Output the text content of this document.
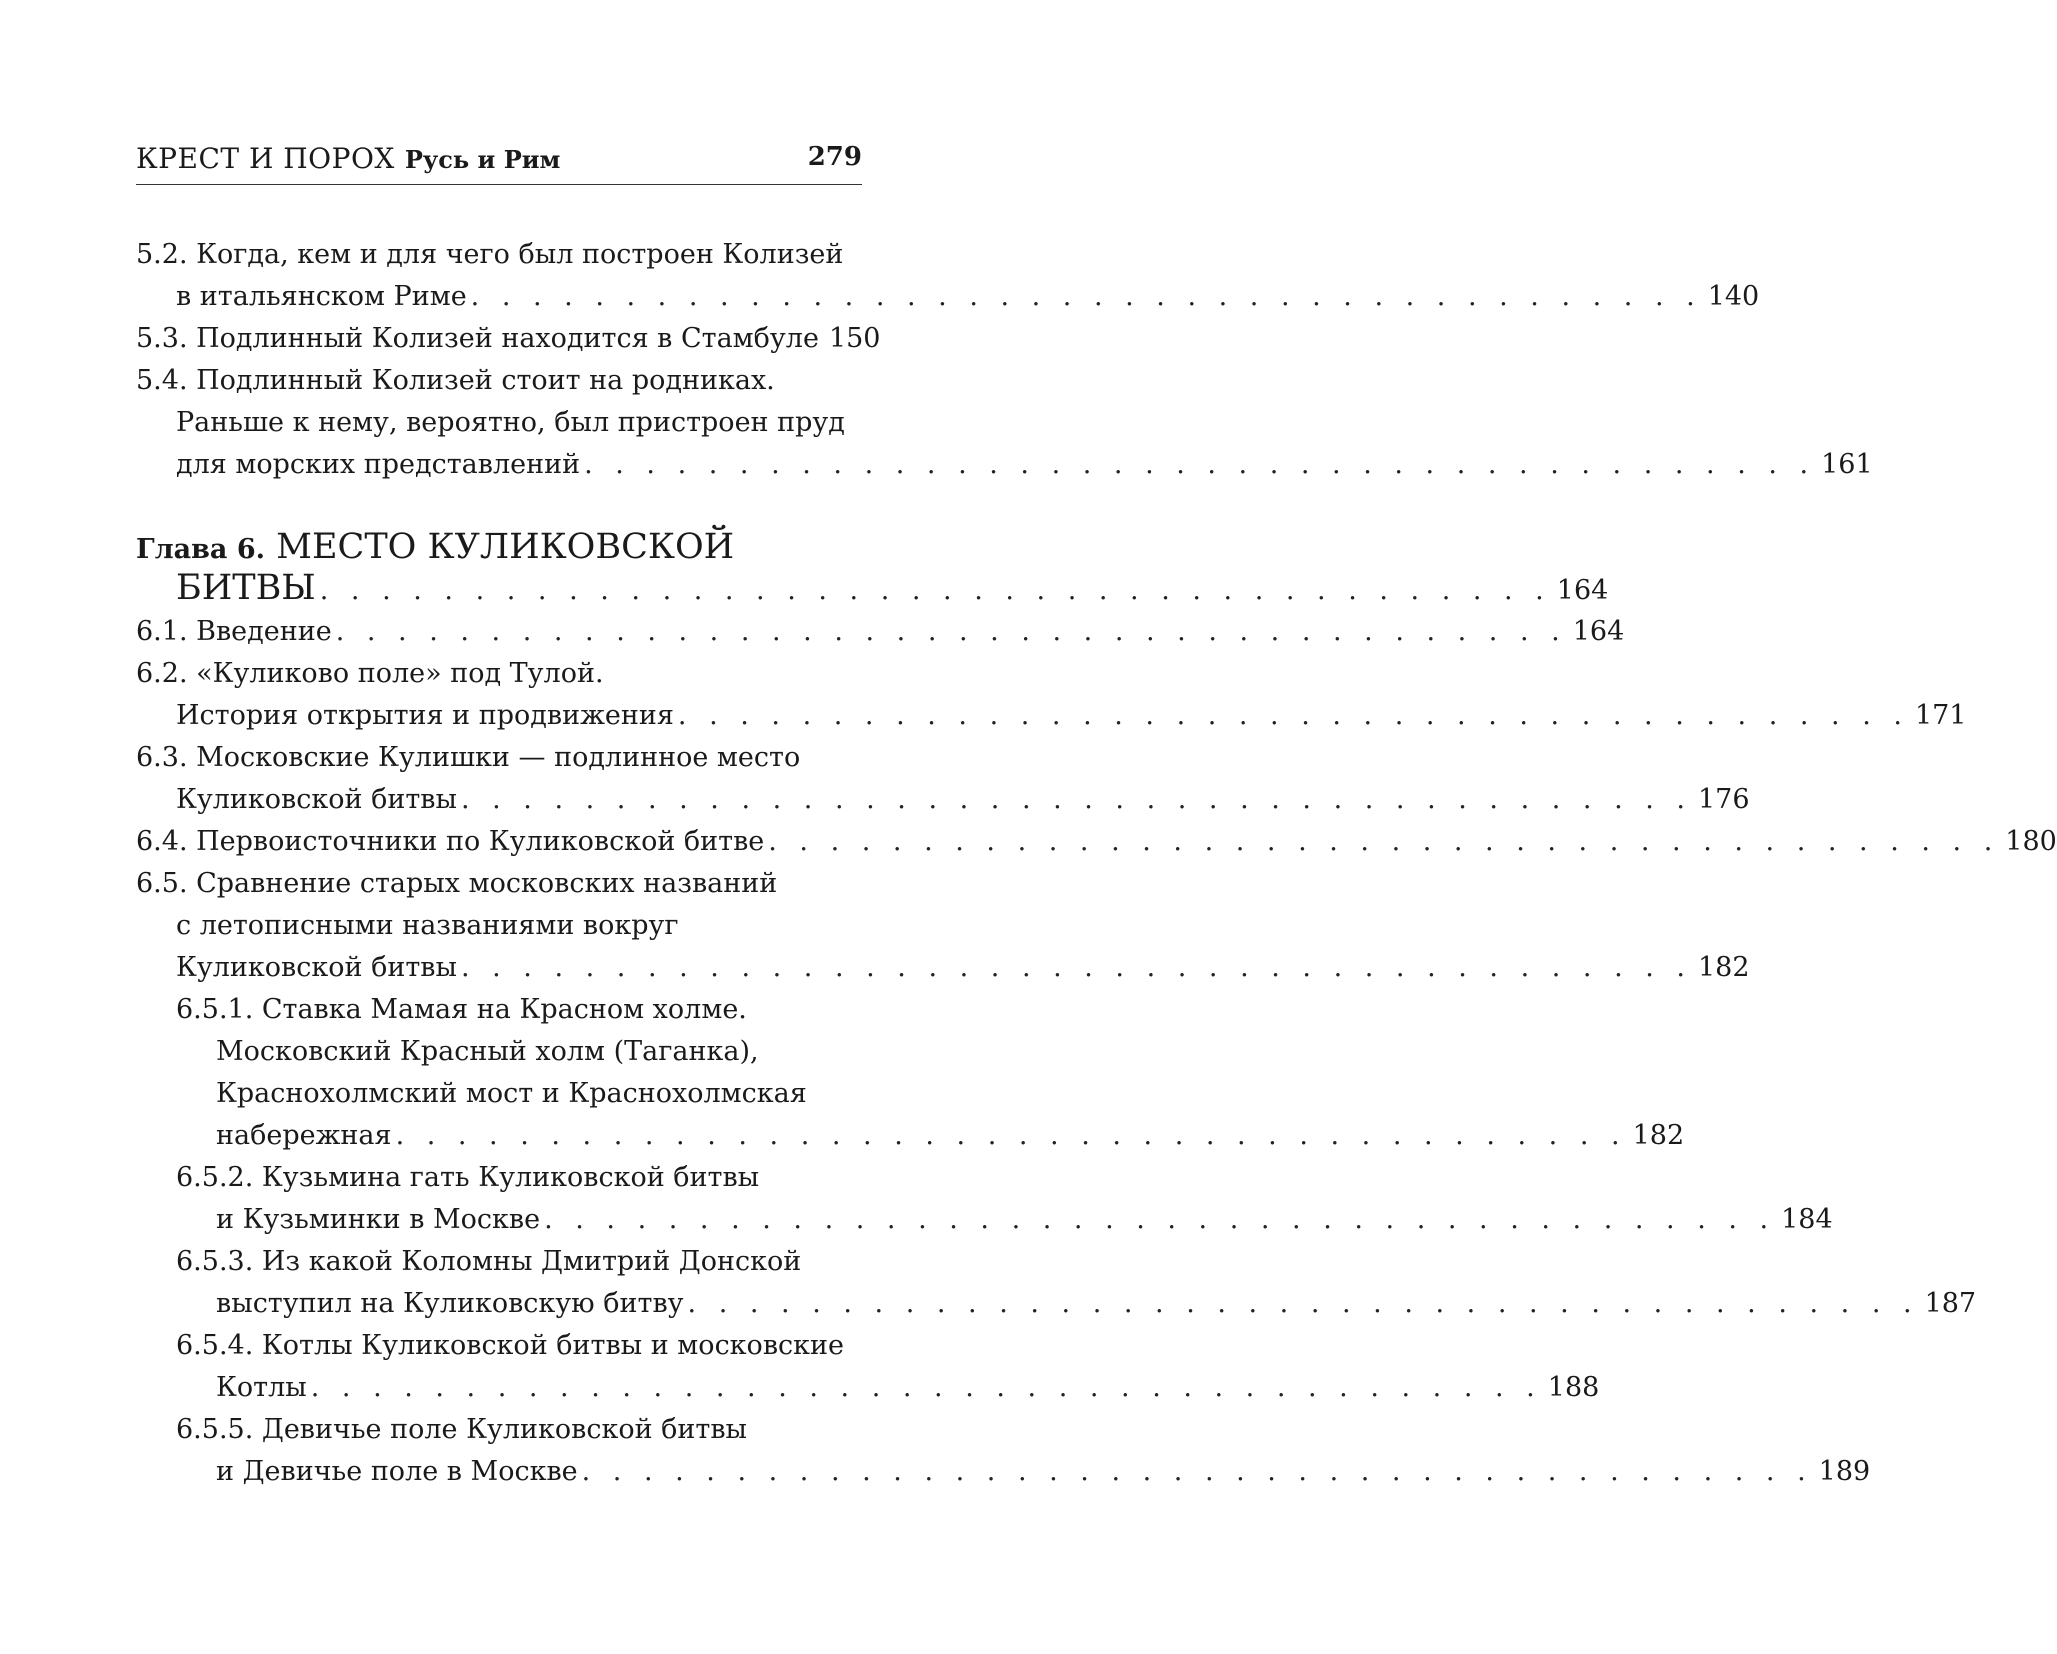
КРЕСТ И ПОРОХ Русь и Рим	279
5.2. Когда, кем и для чего был построен Колизей
в итальянском Риме . . . . . . . . . . . . . . . . . . . . . . . . . . . . . . . . . . . . . . . . 140
5.3. Подлинный Колизей находится в Стамбуле 150
5.4. Подлинный Колизей стоит на родниках.
Раньше к нему, вероятно, был пристроен пруд
для морских представлений . . . . . . . . . . . . . . . . . . . . . . . . . . . . . . . . . . . . . . . . 161
Глава 6. МЕСТО КУЛИКОВСКОЙ
БИТВЫ . . . . . . . . . . . . . . . . . . . . . . . . . . . . . . . . . . . . . . . . 164
6.1. Введение . . . . . . . . . . . . . . . . . . . . . . . . . . . . . . . . . . . . . . . . 164
6.2. «Куликово поле» под Тулой.
История открытия и продвижения . . . . . . . . . . . . . . . . . . . . . . . . . . . . . . . . . . . . . . . . 171
6.3. Московские Кулишки — подлинное место
Куликовской битвы . . . . . . . . . . . . . . . . . . . . . . . . . . . . . . . . . . . . . . . . 176
6.4. Первоисточники по Куликовской битве . . . . . . . . . . . . . . . . . . . . . . . . . . . . . . . . . . . . . . . . 180
6.5. Сравнение старых московских названий
с летописными названиями вокруг
Куликовской битвы . . . . . . . . . . . . . . . . . . . . . . . . . . . . . . . . . . . . . . . . 182
6.5.1. Ставка Мамая на Красном холме.
Московский Красный холм (Таганка),
Краснохолмский мост и Краснохолмская
набережная . . . . . . . . . . . . . . . . . . . . . . . . . . . . . . . . . . . . . . . . 182
6.5.2. Кузьмина гать Куликовской битвы
и Кузьминки в Москве . . . . . . . . . . . . . . . . . . . . . . . . . . . . . . . . . . . . . . . . 184
6.5.3. Из какой Коломны Дмитрий Донской
выступил на Куликовскую битву . . . . . . . . . . . . . . . . . . . . . . . . . . . . . . . . . . . . . . . . 187
6.5.4. Котлы Куликовской битвы и московские
Котлы . . . . . . . . . . . . . . . . . . . . . . . . . . . . . . . . . . . . . . . . 188
6.5.5. Девичье поле Куликовской битвы
и Девичье поле в Москве . . . . . . . . . . . . . . . . . . . . . . . . . . . . . . . . . . . . . . . . 189
